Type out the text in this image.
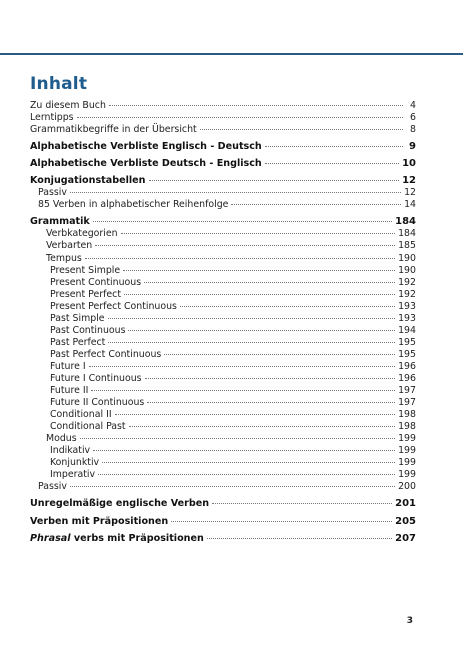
Inhalt
Zu diesem Buch	4
Lerntipps	6
Grammatikbegriffe in der Übersicht	8
Alphabetische Verbliste Englisch - Deutsch	9
Alphabetische Verbliste Deutsch - Englisch	10
Konjugationstabellen	12
Passiv	12
85 Verben in alphabetischer Reihenfolge	14
Grammatik	184
Verbkategorien	184
Verbarten	185
Tempus	190
Present Simple	190
Present Continuous	192
Present Perfect	192
Present Perfect Continuous	193
Past Simple	193
Past Continuous	194
Past Perfect	195
Past Perfect Continuous	195
Future I	196
Future I Continuous	196
Future II	197
Future II Continuous	197
Conditional II	198
Conditional Past	198
Modus	199
Indikativ	199
Konjunktiv	199
Imperativ	199
Passiv	200
Unregelmäßige englische Verben	201
Verben mit Präpositionen	205
Phrasal verbs mit Präpositionen	207
3
